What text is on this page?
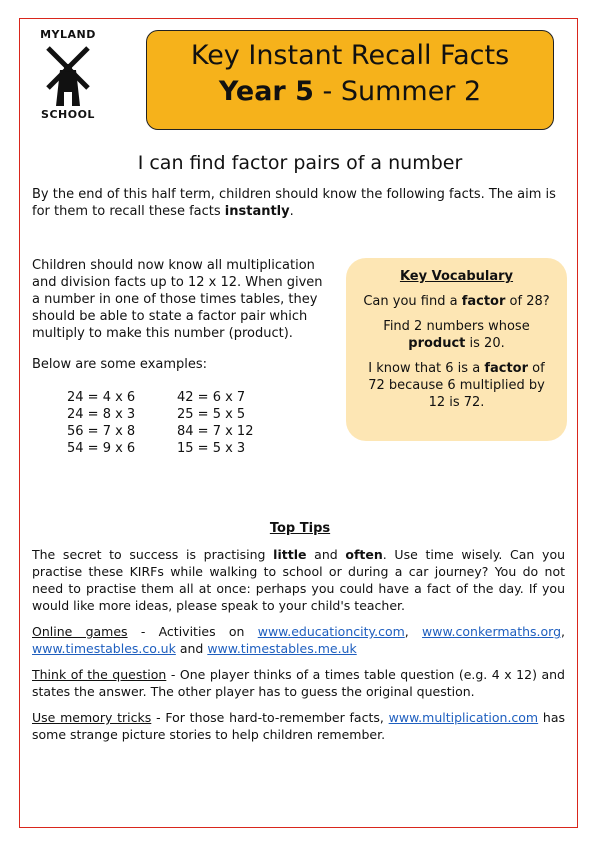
MYLAND
SCHOOL
Key Instant Recall Facts
Year 5 - Summer 2
I can find factor pairs of a number
By the end of this half term, children should know the following facts. The aim is for them to recall these facts instantly.
Children should now know all multiplication and division facts up to 12 x 12. When given a number in one of those times tables, they should be able to state a factor pair which multiply to make this number (product).
Below are some examples:
24 = 4 x 6	42 = 6 x 7
24 = 8 x 3	25 = 5 x 5
56 = 7 x 8	84 = 7 x 12
54 = 9 x 6	15 = 5 x 3
Key Vocabulary

Can you find a factor of 28?

Find 2 numbers whose product is 20.

I know that 6 is a factor of 72 because 6 multiplied by 12 is 72.

Top Tips

The secret to success is practising little and often. Use time wisely. Can you practise these KIRFs while walking to school or during a car journey? You do not need to practise them all at once: perhaps you could have a fact of the day. If you would like more ideas, please speak to your child's teacher.

Online games - Activities on www.educationcity.com, www.conkermaths.org, www.timestables.co.uk and www.timestables.me.uk

Think of the question - One player thinks of a times table question (e.g. 4 x 12) and states the answer. The other player has to guess the original question.

Use memory tricks - For those hard-to-remember facts, www.multiplication.com has some strange picture stories to help children remember.
